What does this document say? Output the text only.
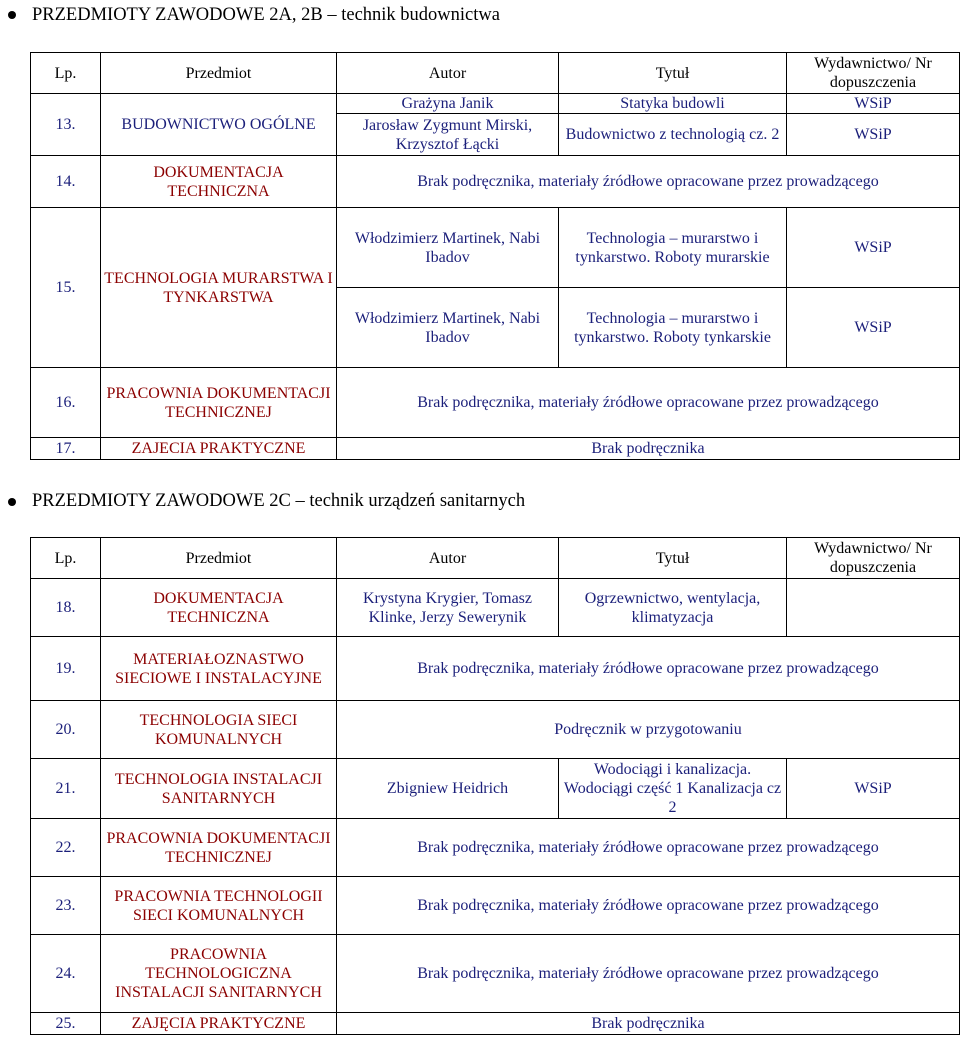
PRZEDMIOTY ZAWODOWE 2A, 2B – technik budownictwa
Lp.	Przedmiot	Autor	Tytuł	Wydawnictwo/ Nr dopuszczenia
13.	BUDOWNICTWO OGÓLNE	Grażyna Janik	Statyka budowli	WSiP
		Jarosław Zygmunt Mirski, Krzysztof Łącki	Budownictwo z technologią cz. 2	WSiP
14.	DOKUMENTACJA TECHNICZNA	Brak podręcznika, materiały źródłowe opracowane przez prowadzącego		
15.	TECHNOLOGIA MURARSTWA I TYNKARSTWA	Włodzimierz Martinek, Nabi Ibadov	Technologia – murarstwo i tynkarstwo. Roboty murarskie	WSiP
		Włodzimierz Martinek, Nabi Ibadov	Technologia – murarstwo i tynkarstwo. Roboty tynkarskie	WSiP
16.	PRACOWNIA DOKUMENTACJI TECHNICZNEJ	Brak podręcznika, materiały źródłowe opracowane przez prowadzącego		
17.	ZAJECIA PRAKTYCZNE	Brak podręcznika		
PRZEDMIOTY ZAWODOWE 2C – technik urządzeń sanitarnych
Lp.	Przedmiot	Autor	Tytuł	Wydawnictwo/ Nr dopuszczenia
18.	DOKUMENTACJA TECHNICZNA	Krystyna Krygier, Tomasz Klinke, Jerzy Sewerynik	Ogrzewnictwo, wentylacja, klimatyzacja	
19.	MATERIAŁOZNASTWO SIECIOWE I INSTALACYJNE	Brak podręcznika, materiały źródłowe opracowane przez prowadzącego		
20.	TECHNOLOGIA SIECI KOMUNALNYCH	Podręcznik w przygotowaniu		
21.	TECHNOLOGIA INSTALACJI SANITARNYCH	Zbigniew Heidrich	Wodociągi i kanalizacja. Wodociągi część 1 Kanalizacja cz 2	WSiP
22.	PRACOWNIA DOKUMENTACJI TECHNICZNEJ	Brak podręcznika, materiały źródłowe opracowane przez prowadzącego		
23.	PRACOWNIA TECHNOLOGII SIECI KOMUNALNYCH	Brak podręcznika, materiały źródłowe opracowane przez prowadzącego		
24.	PRACOWNIA TECHNOLOGICZNA INSTALACJI SANITARNYCH	Brak podręcznika, materiały źródłowe opracowane przez prowadzącego		
25.	ZAJĘCIA PRAKTYCZNE	Brak podręcznika		
